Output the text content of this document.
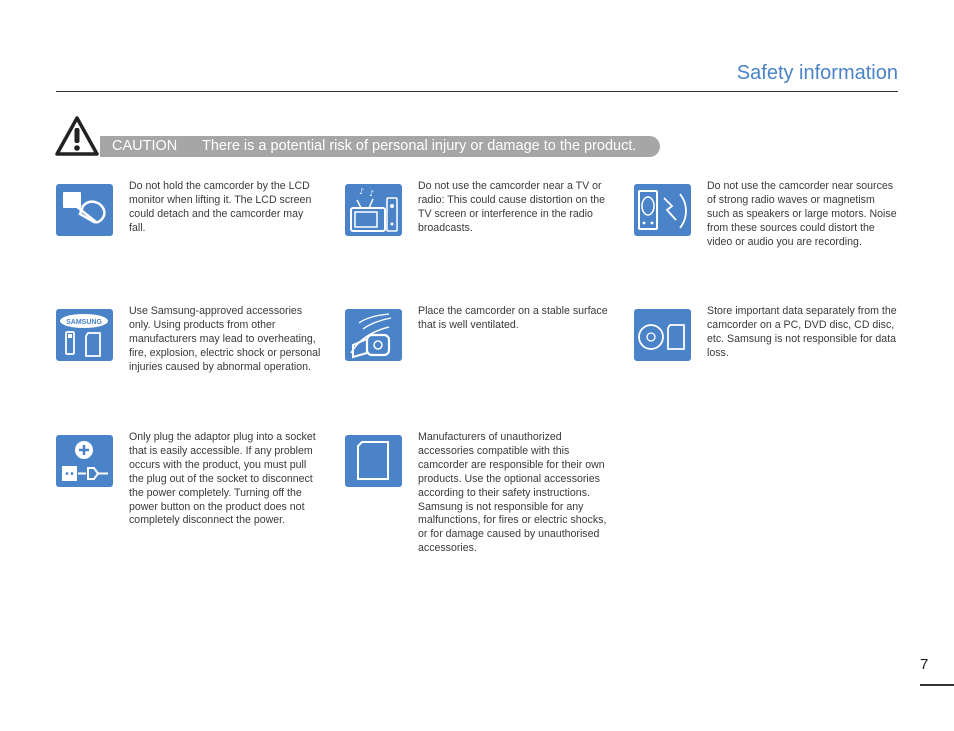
Safety information
CAUTION There is a potential risk of personal injury or damage to the product.
Do not hold the camcorder by the LCD monitor when lifting it. The LCD screen could detach and the camcorder may fall.
♪ ♪
Do not use the camcorder near a TV or radio: This could cause distortion on the TV screen or interference in the radio broadcasts.
Do not use the camcorder near sources of strong radio waves or magnetism such as speakers or large motors. Noise from these sources could distort the video or audio you are recording.
SAMSUNG
Use Samsung-approved accessories only. Using products from other manufacturers may lead to overheating, fire, explosion, electric shock or personal injuries caused by abnormal operation.
Place the camcorder on a stable surface that is well ventilated.
Store important data separately from the camcorder on a PC, DVD disc, CD disc, etc. Samsung is not responsible for data loss.
Only plug the adaptor plug into a socket that is easily accessible. If any problem occurs with the product, you must pull the plug out of the socket to disconnect the power completely. Turning off the power button on the product does not completely disconnect the power.
Manufacturers of unauthorized accessories compatible with this camcorder are responsible for their own products. Use the optional accessories according to their safety instructions. Samsung is not responsible for any malfunctions, for fires or electric shocks, or for damage caused by unauthorised accessories.
7
